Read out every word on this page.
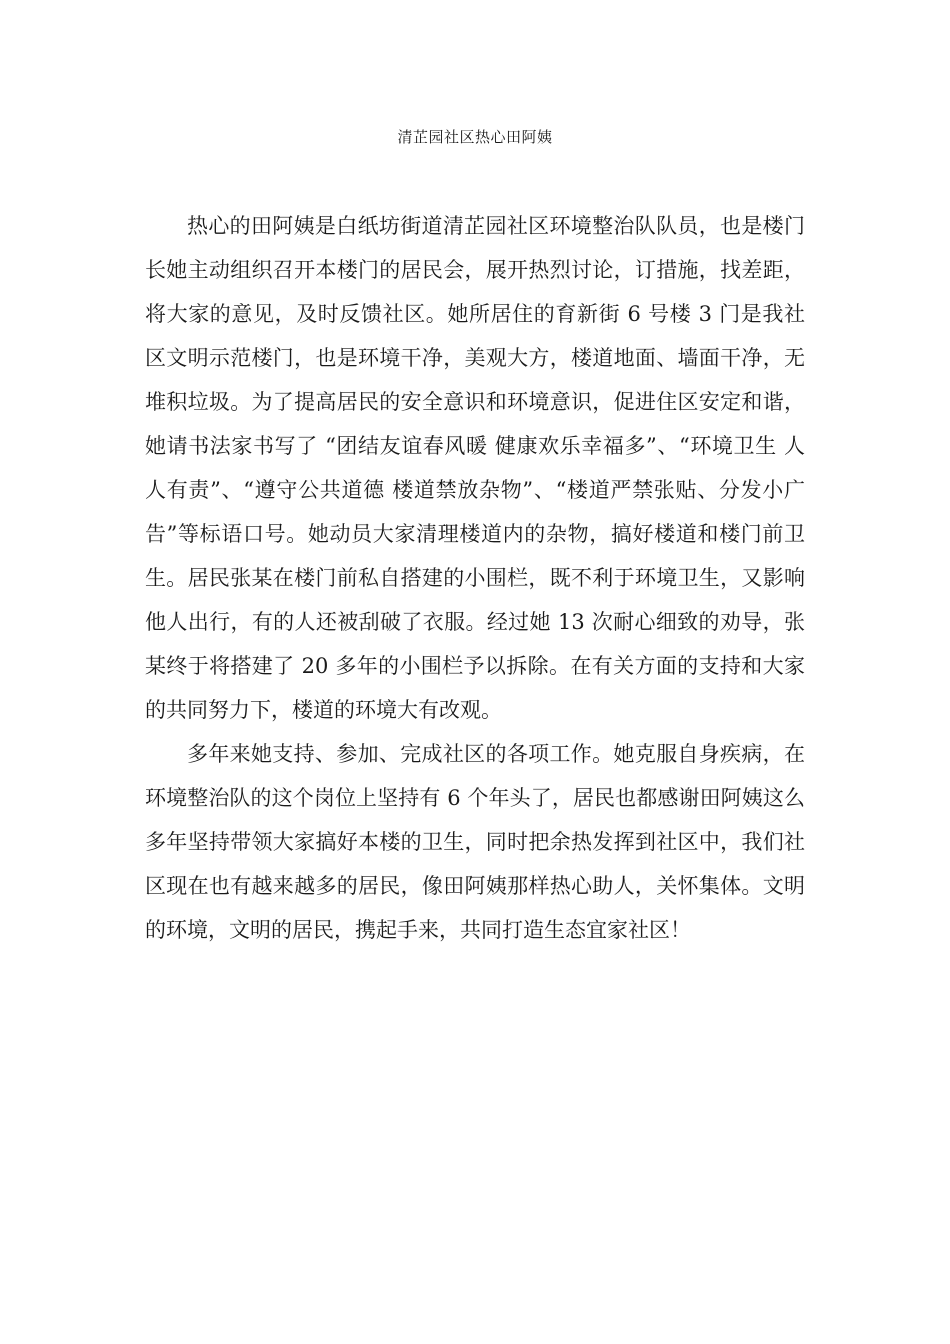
清芷园社区热心田阿姨

热心的田阿姨是白纸坊街道清芷园社区环境整治队队员，也是楼门长她主动组织召开本楼门的居民会，展开热烈讨论，订措施，找差距，将大家的意见，及时反馈社区。她所居住的育新街 6 号楼 3 门是我社区文明示范楼门，也是环境干净，美观大方，楼道地面、墙面干净，无堆积垃圾。为了提高居民的安全意识和环境意识，促进住区安定和谐，她请书法家书写了 “团结友谊春风暖 健康欢乐幸福多”、“环境卫生 人人有责”、“遵守公共道德 楼道禁放杂物”、“楼道严禁张贴、分发小广告”等标语口号。她动员大家清理楼道内的杂物，搞好楼道和楼门前卫生。居民张某在楼门前私自搭建的小围栏，既不利于环境卫生，又影响他人出行，有的人还被刮破了衣服。经过她 13 次耐心细致的劝导，张某终于将搭建了 20 多年的小围栏予以拆除。在有关方面的支持和大家的共同努力下，楼道的环境大有改观。

多年来她支持、参加、完成社区的各项工作。她克服自身疾病，在环境整治队的这个岗位上坚持有 6 个年头了，居民也都感谢田阿姨这么多年坚持带领大家搞好本楼的卫生，同时把余热发挥到社区中，我们社区现在也有越来越多的居民，像田阿姨那样热心助人，关怀集体。文明的环境，文明的居民，携起手来，共同打造生态宜家社区！
